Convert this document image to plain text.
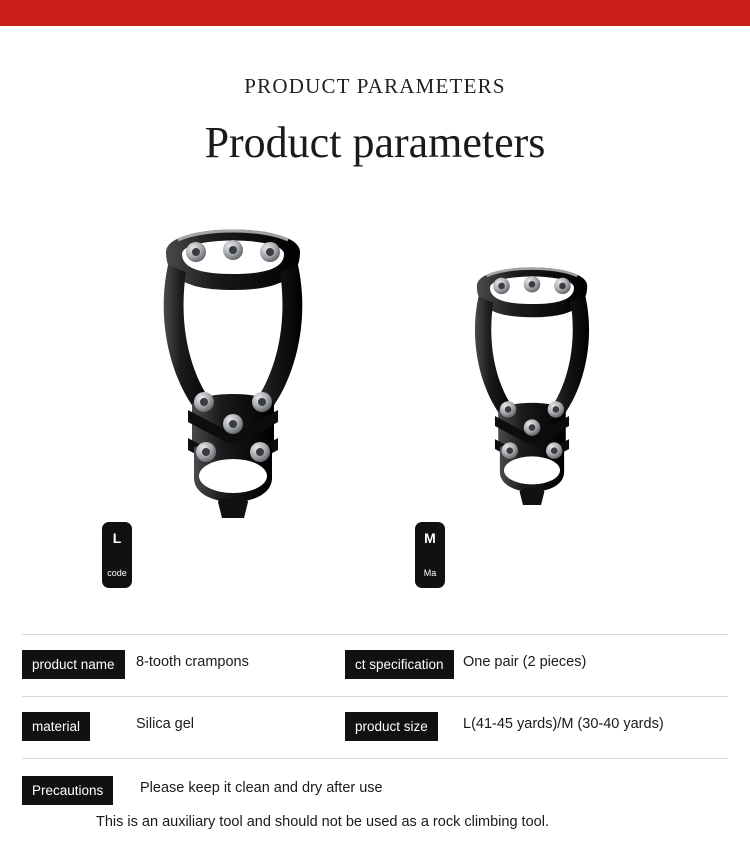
PRODUCT PARAMETERS
Product parameters
L
code
M
Ma
product name	8-tooth crampons	ct specification	One pair (2 pieces)
material	Silica gel	product size	L(41-45 yards)/M (30-40 yards)
Precautions	Please keep it clean and dry after use
This is an auxiliary tool and should not be used as a rock climbing tool.
